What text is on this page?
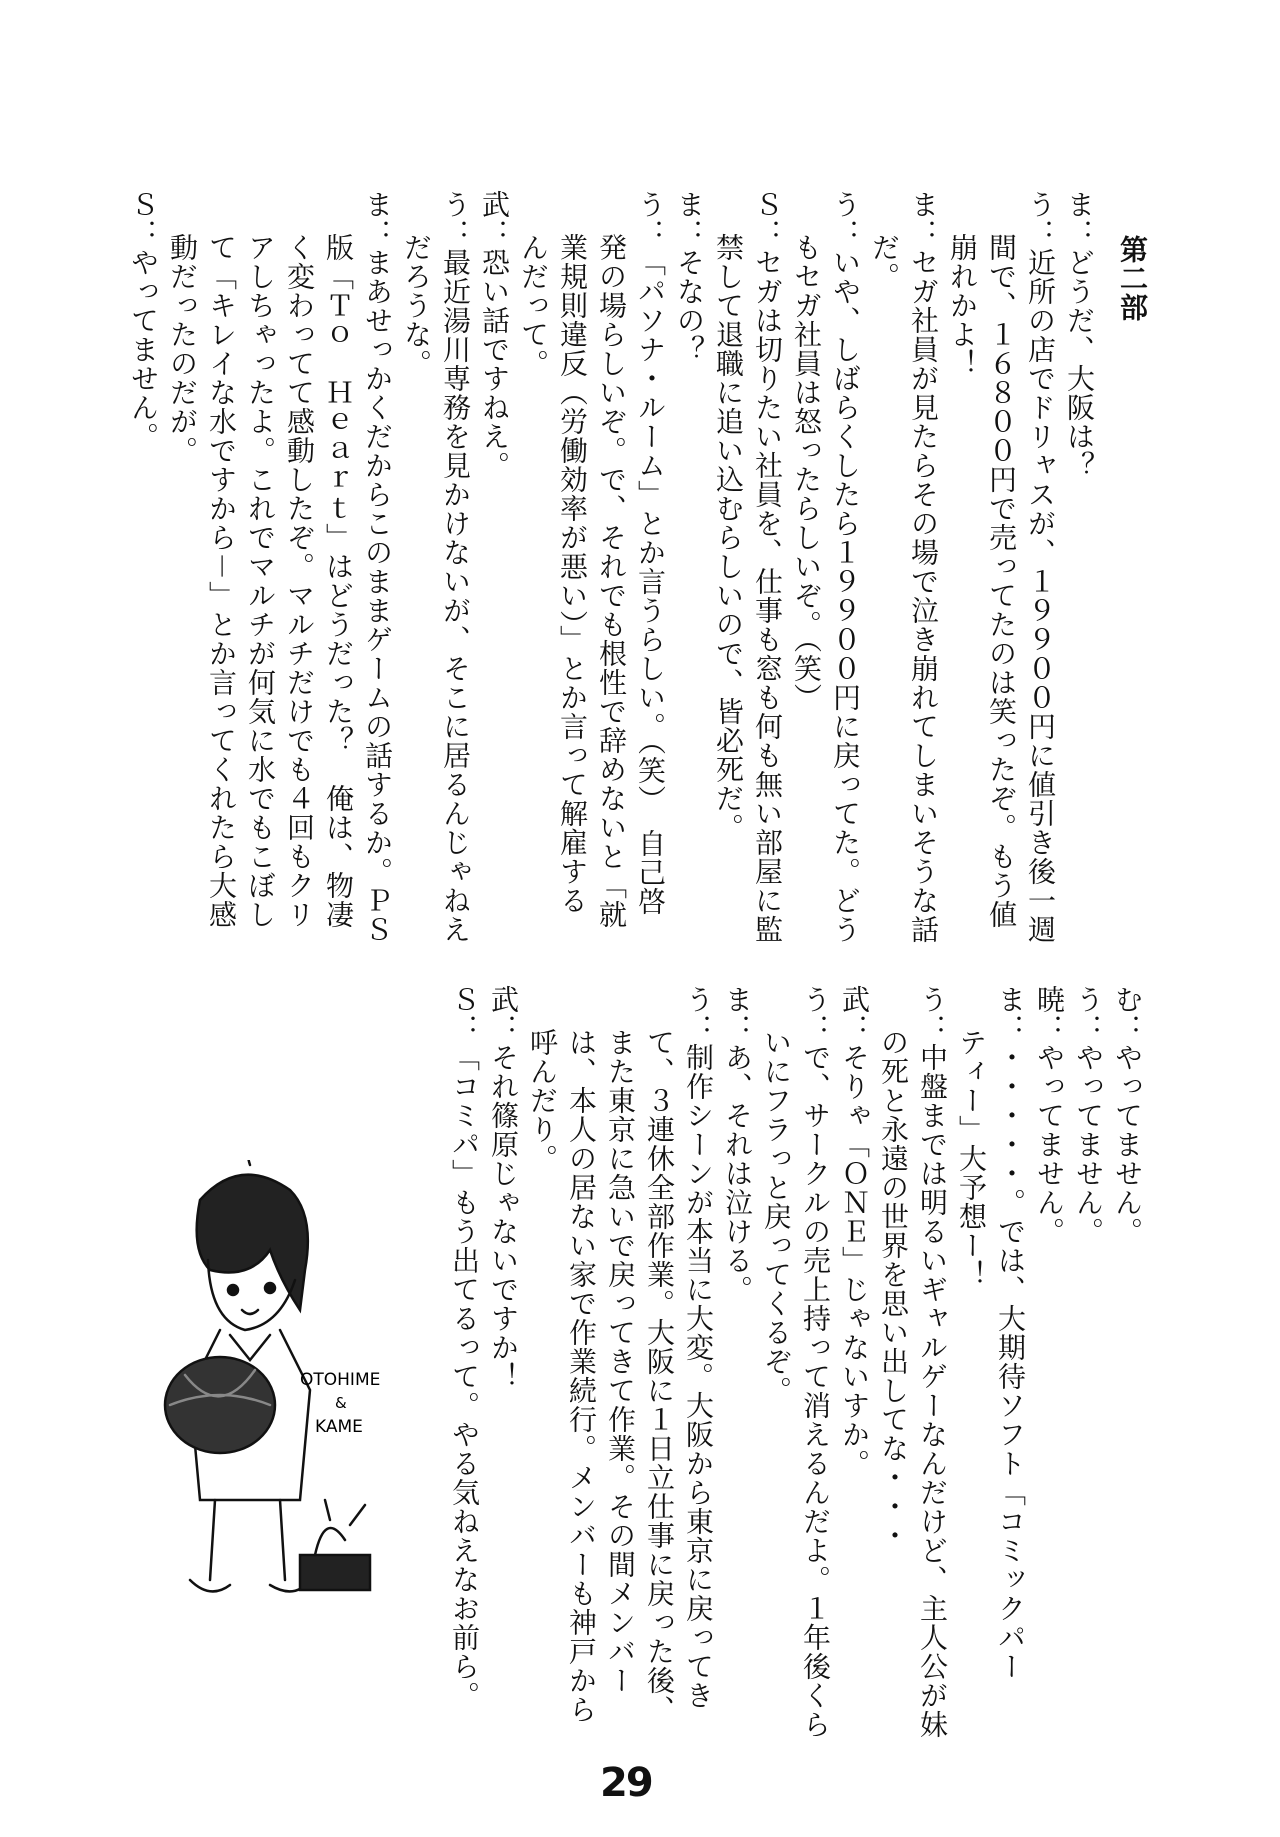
第二部
ま：どうだ、大阪は？
う：近所の店でドリャスが、１９９００円に値引き後一週
間で、１６８００円で売ってたのは笑ったぞ。もう値
崩れかよ！
ま：セガ社員が見たらその場で泣き崩れてしまいそうな話
だ。
う：いや、しばらくしたら１９９００円に戻ってた。どう
もセガ社員は怒ったらしいぞ。（笑）
Ｓ：セガは切りたい社員を、仕事も窓も何も無い部屋に監
禁して退職に追い込むらしいので、皆必死だ。
ま：そなの？
う：「パソナ・ルーム」とか言うらしい。（笑）　自己啓
発の場らしいぞ。で、それでも根性で辞めないと「就
業規則違反（労働効率が悪い）」とか言って解雇する
んだって。
武：恐い話ですねえ。
う：最近湯川専務を見かけないが、そこに居るんじゃねえ
だろうな。
ま：まあせっかくだからこのままゲームの話するか。ＰＳ
版「Ｔｏ　Ｈｅａｒｔ」はどうだった？　俺は、物凄
く変わってて感動したぞ。マルチだけでも４回もクリ
アしちゃったよ。これでマルチが何気に水でもこぼし
て「キレイな水ですから－」とか言ってくれたら大感
動だったのだが。
Ｓ：やってません。
む：やってません。
う：やってません。
暁：やってません。
ま：・・・・・。では、大期待ソフト「コミックパー
ティー」大予想ー！
う：中盤までは明るいギャルゲーなんだけど、主人公が妹
の死と永遠の世界を思い出してな・・・
武：そりゃ「ＯＮＥ」じゃないすか。
う：で、サークルの売上持って消えるんだよ。１年後くら
いにフラっと戻ってくるぞ。
ま：あ、それは泣ける。
う：制作シーンが本当に大変。大阪から東京に戻ってき
て、３連休全部作業。大阪に１日立仕事に戻った後、
また東京に急いで戻ってきて作業。その間メンバー
は、本人の居ない家で作業続行。メンバーも神戸から
呼んだり。
武：それ篠原じゃないですか！
Ｓ：「コミパ」もう出てるって。やる気ねえなお前ら。
OTOHIME
&
KAME
29
